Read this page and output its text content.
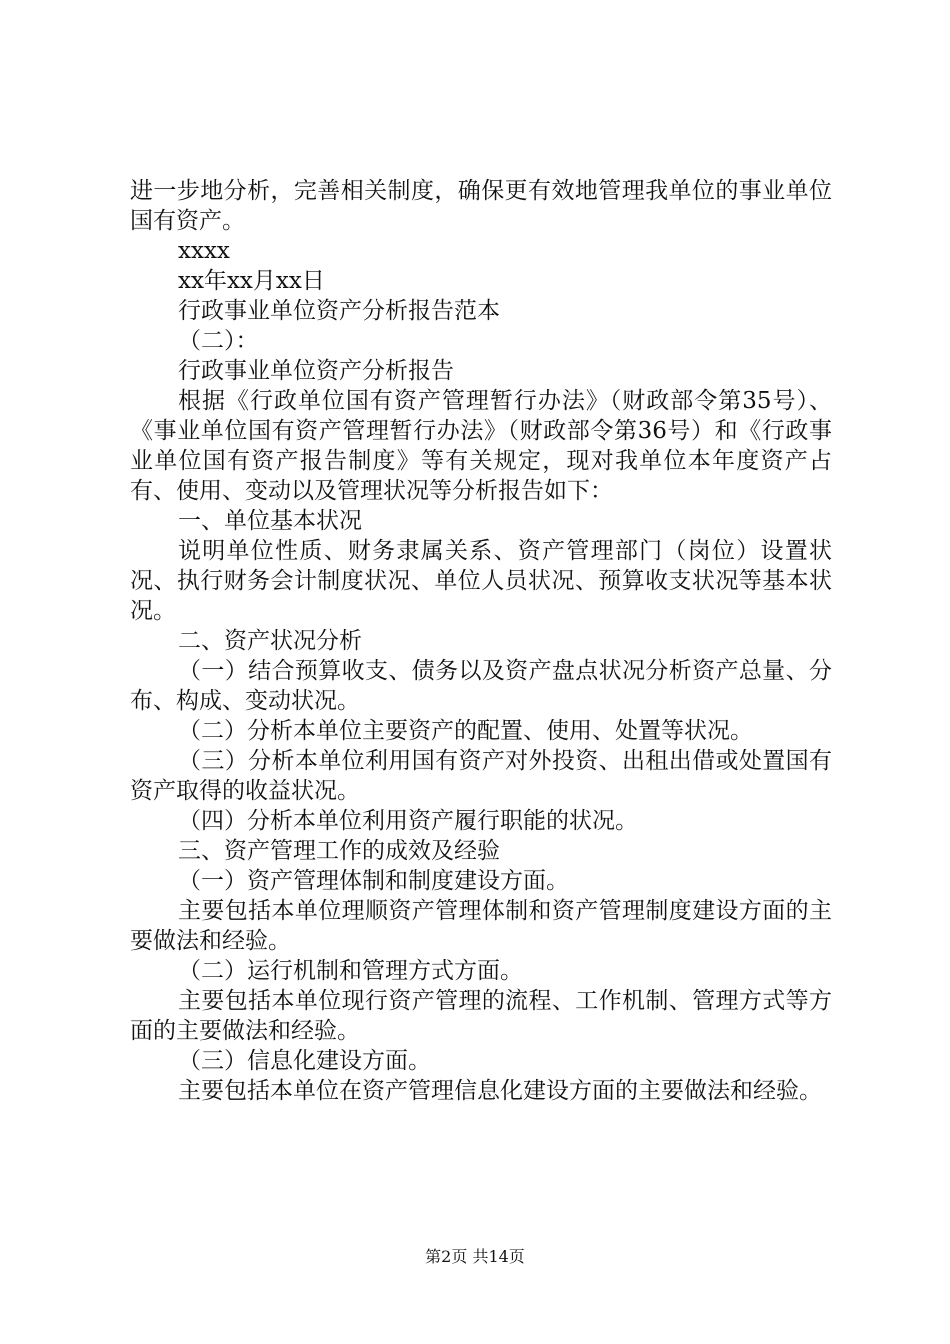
进一步地分析，完善相关制度，确保更有效地管理我单位的事业单位国有资产。

xxxx

xx年xx月xx日

行政事业单位资产分析报告范本

（二）：

行政事业单位资产分析报告

根据《行政单位国有资产管理暂行办法》（财政部令第35号）、《事业单位国有资产管理暂行办法》（财政部令第36号）和《行政事业单位国有资产报告制度》等有关规定，现对我单位本年度资产占有、使用、变动以及管理状况等分析报告如下：

一、单位基本状况

说明单位性质、财务隶属关系、资产管理部门（岗位）设置状况、执行财务会计制度状况、单位人员状况、预算收支状况等基本状况。

二、资产状况分析

（一）结合预算收支、债务以及资产盘点状况分析资产总量、分布、构成、变动状况。

（二）分析本单位主要资产的配置、使用、处置等状况。

（三）分析本单位利用国有资产对外投资、出租出借或处置国有资产取得的收益状况。

（四）分析本单位利用资产履行职能的状况。

三、资产管理工作的成效及经验

（一）资产管理体制和制度建设方面。

主要包括本单位理顺资产管理体制和资产管理制度建设方面的主要做法和经验。

（二）运行机制和管理方式方面。

主要包括本单位现行资产管理的流程、工作机制、管理方式等方面的主要做法和经验。

（三）信息化建设方面。

主要包括本单位在资产管理信息化建设方面的主要做法和经验。

第2页 共14页
